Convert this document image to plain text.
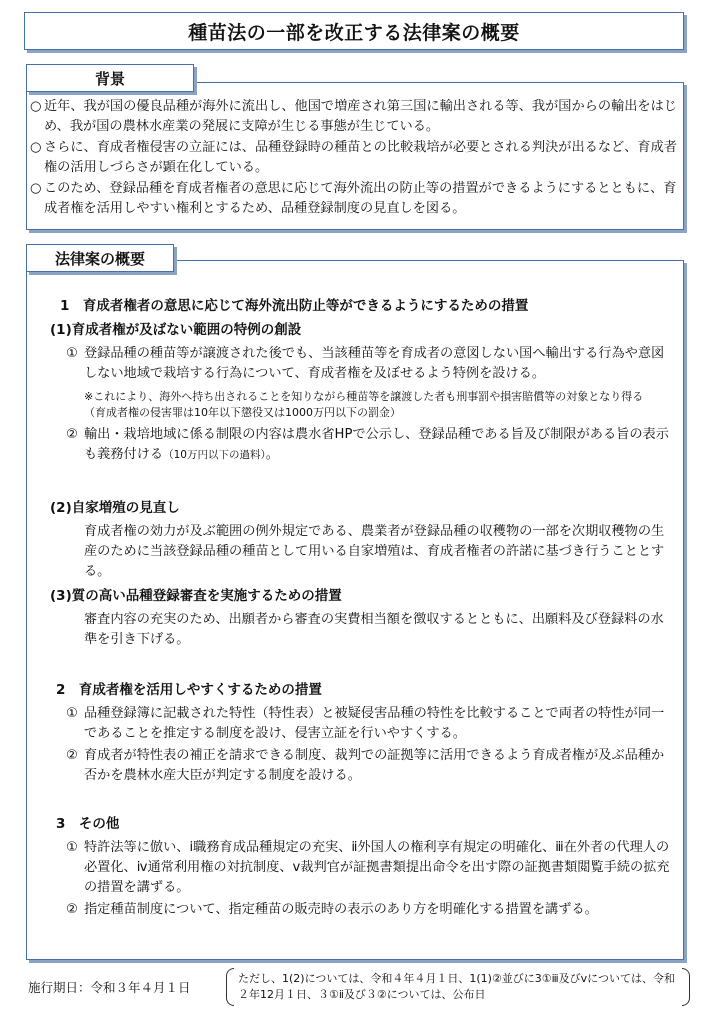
種苗法の一部を改正する法律案の概要
背景
○ 近年、我が国の優良品種が海外に流出し、他国で増産され第三国に輸出される等、我が国からの輸出をはじめ、我が国の農林水産業の発展に支障が生じる事態が生じている。
○ さらに、育成者権侵害の立証には、品種登録時の種苗との比較栽培が必要とされる判決が出るなど、育成者権の活用しづらさが顕在化している。
○ このため、登録品種を育成者権者の意思に応じて海外流出の防止等の措置ができるようにするとともに、育成者権を活用しやすい権利とするため、品種登録制度の見直しを図る。
法律案の概要
1　育成者権者の意思に応じて海外流出防止等ができるようにするための措置
(1)育成者権が及ばない範囲の特例の創設
① 登録品種の種苗等が譲渡された後でも、当該種苗等を育成者の意図しない国へ輸出する行為や意図しない地域で栽培する行為について、育成者権を及ぼせるよう特例を設ける。
※これにより、海外へ持ち出されることを知りながら種苗等を譲渡した者も刑事罰や損害賠償等の対象となり得る（育成者権の侵害罪は10年以下懲役又は1000万円以下の罰金）
② 輸出・栽培地域に係る制限の内容は農水省HPで公示し、登録品種である旨及び制限がある旨の表示も義務付ける（10万円以下の過料）。
(2)自家増殖の見直し
育成者権の効力が及ぶ範囲の例外規定である、農業者が登録品種の収穫物の一部を次期収穫物の生産のために当該登録品種の種苗として用いる自家増殖は、育成者権者の許諾に基づき行うこととする。
(3)質の高い品種登録審査を実施するための措置
審査内容の充実のため、出願者から審査の実費相当額を徴収するとともに、出願料及び登録料の水準を引き下げる。
2　育成者権を活用しやすくするための措置
① 品種登録簿に記載された特性（特性表）と被疑侵害品種の特性を比較することで両者の特性が同一であることを推定する制度を設け、侵害立証を行いやすくする。
② 育成者が特性表の補正を請求できる制度、裁判での証拠等に活用できるよう育成者権が及ぶ品種か否かを農林水産大臣が判定する制度を設ける。
3　その他
① 特許法等に倣い、ⅰ職務育成品種規定の充実、ⅱ外国人の権利享有規定の明確化、ⅲ在外者の代理人の必置化、ⅳ通常利用権の対抗制度、ⅴ裁判官が証拠書類提出命令を出す際の証拠書類閲覧手続の拡充の措置を講ずる。
② 指定種苗制度について、指定種苗の販売時の表示のあり方を明確化する措置を講ずる。
施行期日：令和３年４月１日
ただし、1(2)については、令和４年４月１日、1(1)②並びに3①ⅲ及びⅴについては、令和２年12月１日、３①ⅱ及び３②については、公布日
